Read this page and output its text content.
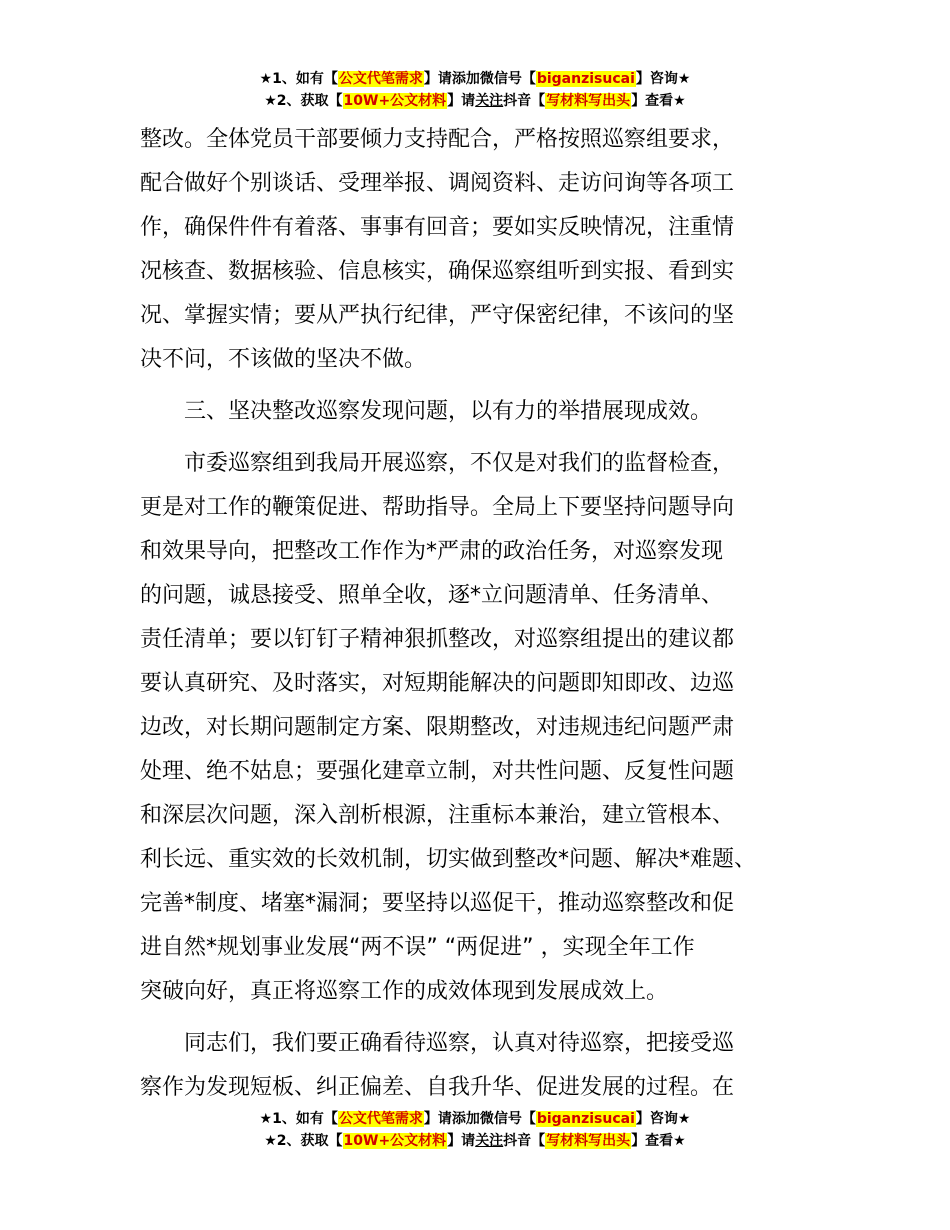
★1、如有【公文代笔需求】请添加微信号【biganzisucai】咨询★
★2、获取【10W+公文材料】请关注抖音【写材料写出头】查看★
整改。全体党员干部要倾力支持配合，严格按照巡察组要求，
配合做好个别谈话、受理举报、调阅资料、走访问询等各项工
作，确保件件有着落、事事有回音；要如实反映情况，注重情
况核查、数据核验、信息核实，确保巡察组听到实报、看到实
况、掌握实情；要从严执行纪律，严守保密纪律，不该问的坚
决不问，不该做的坚决不做。
三、坚决整改巡察发现问题，以有力的举措展现成效。
市委巡察组到我局开展巡察，不仅是对我们的监督检查，
更是对工作的鞭策促进、帮助指导。全局上下要坚持问题导向
和效果导向，把整改工作作为*严肃的政治任务，对巡察发现
的问题，诚恳接受、照单全收，逐*立问题清单、任务清单、
责任清单；要以钉钉子精神狠抓整改，对巡察组提出的建议都
要认真研究、及时落实，对短期能解决的问题即知即改、边巡
边改，对长期问题制定方案、限期整改，对违规违纪问题严肃
处理、绝不姑息；要强化建章立制，对共性问题、反复性问题
和深层次问题，深入剖析根源，注重标本兼治，建立管根本、
利长远、重实效的长效机制，切实做到整改*问题、解决*难题、
完善*制度、堵塞*漏洞；要坚持以巡促干，推动巡察整改和促
进自然*规划事业发展“两不误” “两促进” ，实现全年工作
突破向好，真正将巡察工作的成效体现到发展成效上。
同志们，我们要正确看待巡察，认真对待巡察，把接受巡
察作为发现短板、纠正偏差、自我升华、促进发展的过程。在
★1、如有【公文代笔需求】请添加微信号【biganzisucai】咨询★
★2、获取【10W+公文材料】请关注抖音【写材料写出头】查看★
